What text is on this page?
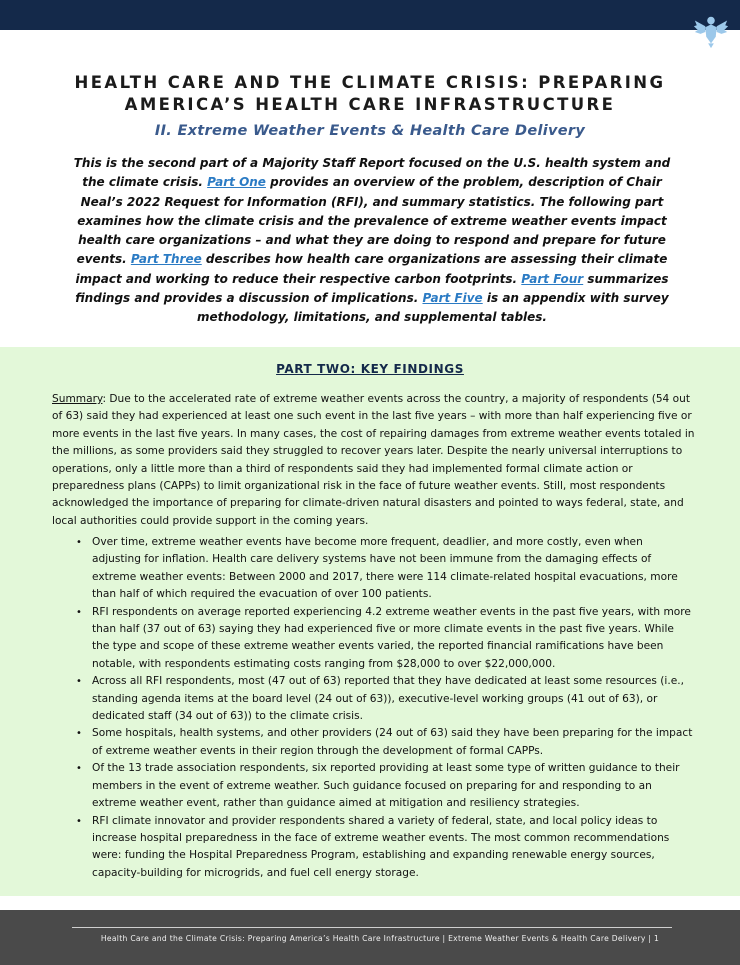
HEALTH CARE AND THE CLIMATE CRISIS: PREPARING
AMERICA’S HEALTH CARE INFRASTRUCTURE
II. Extreme Weather Events & Health Care Delivery
This is the second part of a Majority Staff Report focused on the U.S. health system and the climate crisis. Part One provides an overview of the problem, description of Chair Neal’s 2022 Request for Information (RFI), and summary statistics. The following part examines how the climate crisis and the prevalence of extreme weather events impact health care organizations – and what they are doing to respond and prepare for future events. Part Three describes how health care organizations are assessing their climate impact and working to reduce their respective carbon footprints. Part Four summarizes findings and provides a discussion of implications. Part Five is an appendix with survey methodology, limitations, and supplemental tables.
PART TWO: KEY FINDINGS
Summary: Due to the accelerated rate of extreme weather events across the country, a majority of respondents (54 out of 63) said they had experienced at least one such event in the last five years – with more than half experiencing five or more events in the last five years. In many cases, the cost of repairing damages from extreme weather events totaled in the millions, as some providers said they struggled to recover years later. Despite the nearly universal interruptions to operations, only a little more than a third of respondents said they had implemented formal climate action or preparedness plans (CAPPs) to limit organizational risk in the face of future weather events. Still, most respondents acknowledged the importance of preparing for climate-driven natural disasters and pointed to ways federal, state, and local authorities could provide support in the coming years.
• Over time, extreme weather events have become more frequent, deadlier, and more costly, even when adjusting for inflation. Health care delivery systems have not been immune from the damaging effects of extreme weather events: Between 2000 and 2017, there were 114 climate-related hospital evacuations, more than half of which required the evacuation of over 100 patients.
• RFI respondents on average reported experiencing 4.2 extreme weather events in the past five years, with more than half (37 out of 63) saying they had experienced five or more climate events in the past five years. While the type and scope of these extreme weather events varied, the reported financial ramifications have been notable, with respondents estimating costs ranging from $28,000 to over $22,000,000.
• Across all RFI respondents, most (47 out of 63) reported that they have dedicated at least some resources (i.e., standing agenda items at the board level (24 out of 63)), executive-level working groups (41 out of 63), or dedicated staff (34 out of 63)) to the climate crisis.
• Some hospitals, health systems, and other providers (24 out of 63) said they have been preparing for the impact of extreme weather events in their region through the development of formal CAPPs.
• Of the 13 trade association respondents, six reported providing at least some type of written guidance to their members in the event of extreme weather. Such guidance focused on preparing for and responding to an extreme weather event, rather than guidance aimed at mitigation and resiliency strategies.
• RFI climate innovator and provider respondents shared a variety of federal, state, and local policy ideas to increase hospital preparedness in the face of extreme weather events. The most common recommendations were: funding the Hospital Preparedness Program, establishing and expanding renewable energy sources, capacity-building for microgrids, and fuel cell energy storage.
Health Care and the Climate Crisis: Preparing America’s Health Care Infrastructure | Extreme Weather Events & Health Care Delivery | 1
